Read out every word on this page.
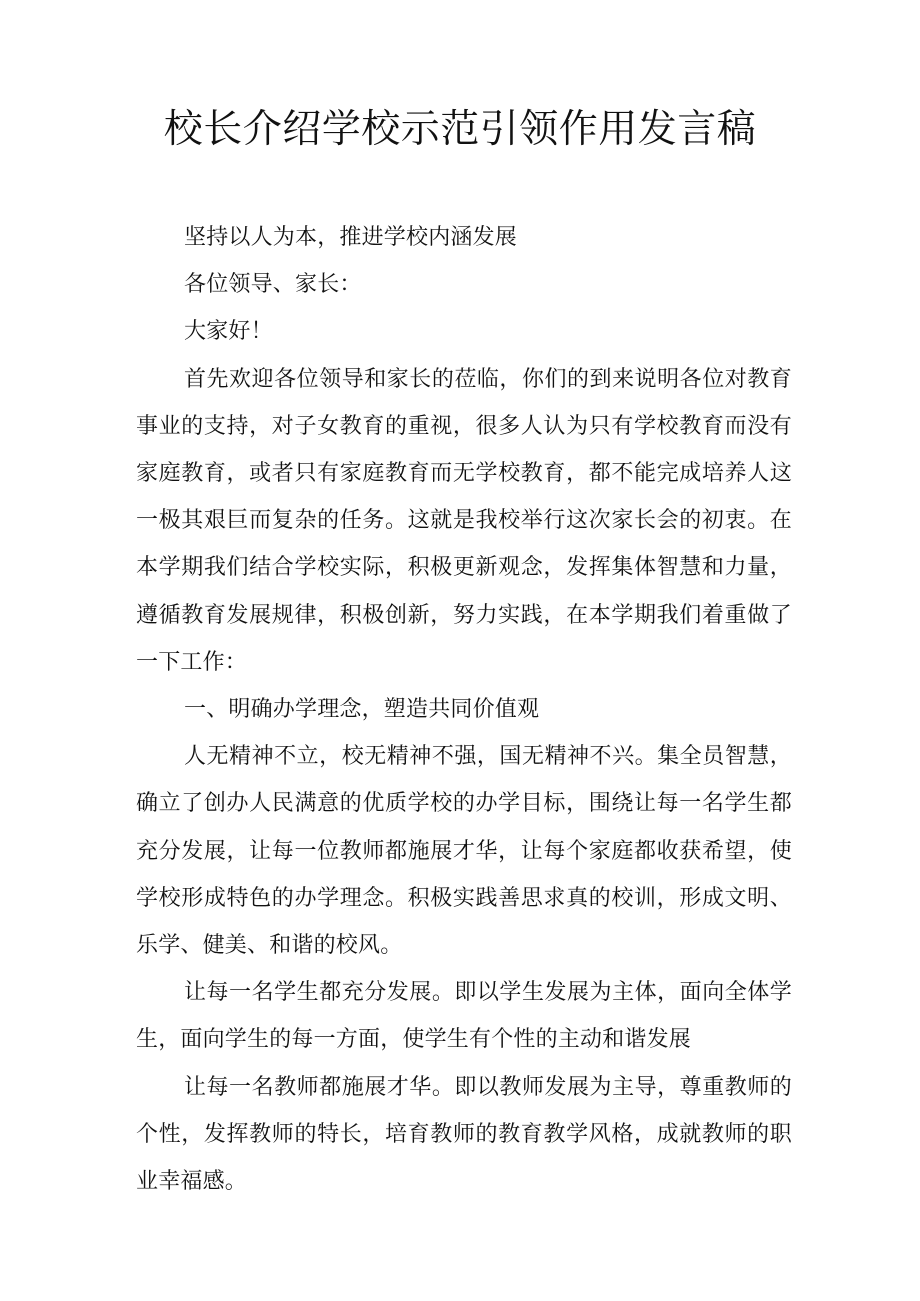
校长介绍学校示范引领作用发言稿

坚持以人为本，推进学校内涵发展

各位领导、家长：

大家好！

首先欢迎各位领导和家长的莅临，你们的到来说明各位对教育事业的支持，对子女教育的重视，很多人认为只有学校教育而没有家庭教育，或者只有家庭教育而无学校教育，都不能完成培养人这一极其艰巨而复杂的任务。这就是我校举行这次家长会的初衷。在本学期我们结合学校实际，积极更新观念，发挥集体智慧和力量，遵循教育发展规律，积极创新，努力实践，在本学期我们着重做了一下工作：

一、明确办学理念，塑造共同价值观

人无精神不立，校无精神不强，国无精神不兴。集全员智慧，确立了创办人民满意的优质学校的办学目标，围绕让每一名学生都充分发展，让每一位教师都施展才华，让每个家庭都收获希望，使学校形成特色的办学理念。积极实践善思求真的校训，形成文明、乐学、健美、和谐的校风。

让每一名学生都充分发展。即以学生发展为主体，面向全体学生，面向学生的每一方面，使学生有个性的主动和谐发展

让每一名教师都施展才华。即以教师发展为主导，尊重教师的个性，发挥教师的特长，培育教师的教育教学风格，成就教师的职业幸福感。
